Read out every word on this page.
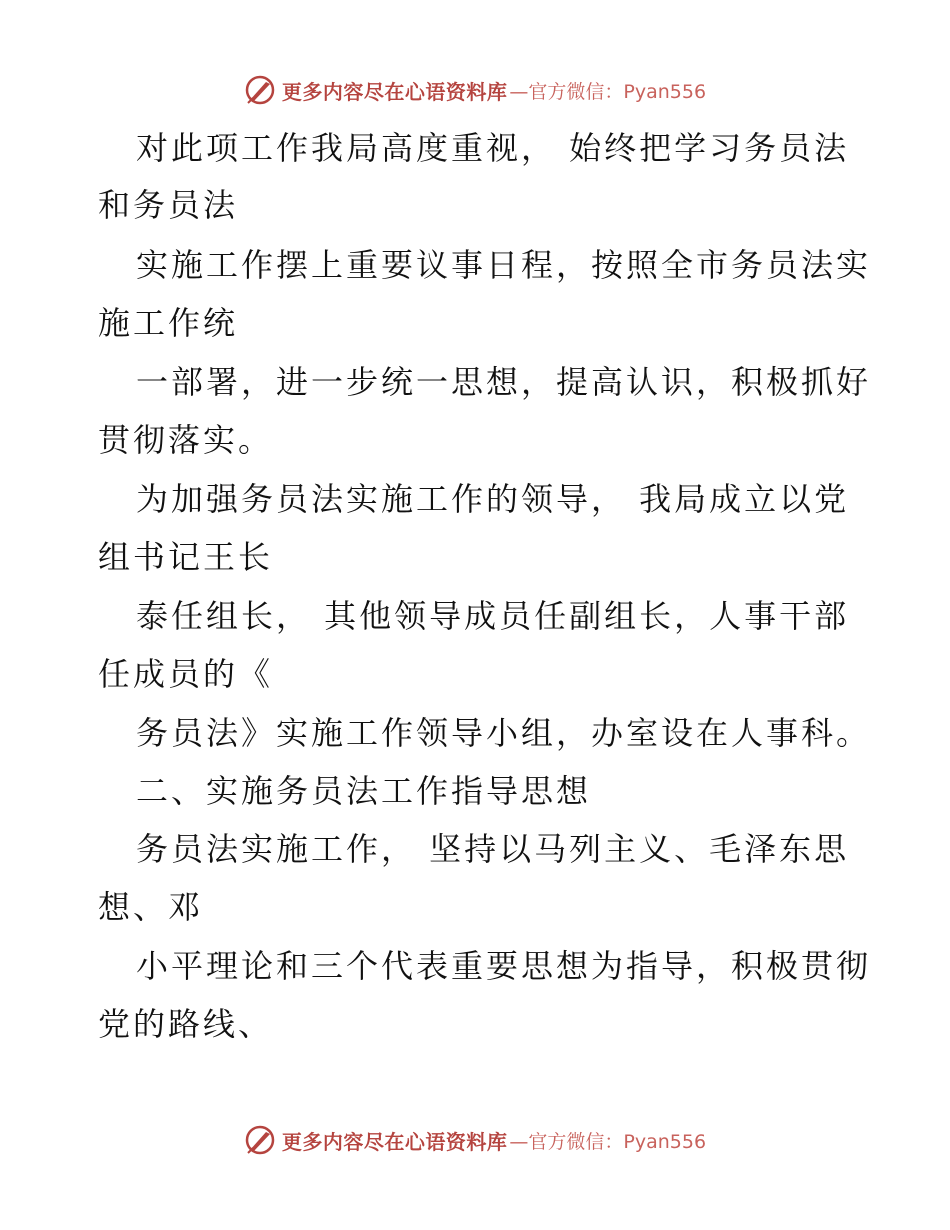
更多内容尽在心语资料库 —官方微信：Pyan556
对此项工作我局高度重视， 始终把学习务员法
和务员法
实施工作摆上重要议事日程，按照全市务员法实
施工作统
一部署，进一步统一思想，提高认识，积极抓好
贯彻落实。
为加强务员法实施工作的领导， 我局成立以党
组书记王长
泰任组长， 其他领导成员任副组长，人事干部
任成员的《
务员法》实施工作领导小组，办室设在人事科。
二、实施务员法工作指导思想
务员法实施工作， 坚持以马列主义、毛泽东思
想、邓
小平理论和三个代表重要思想为指导，积极贯彻
党的路线、
更多内容尽在心语资料库 —官方微信：Pyan556
